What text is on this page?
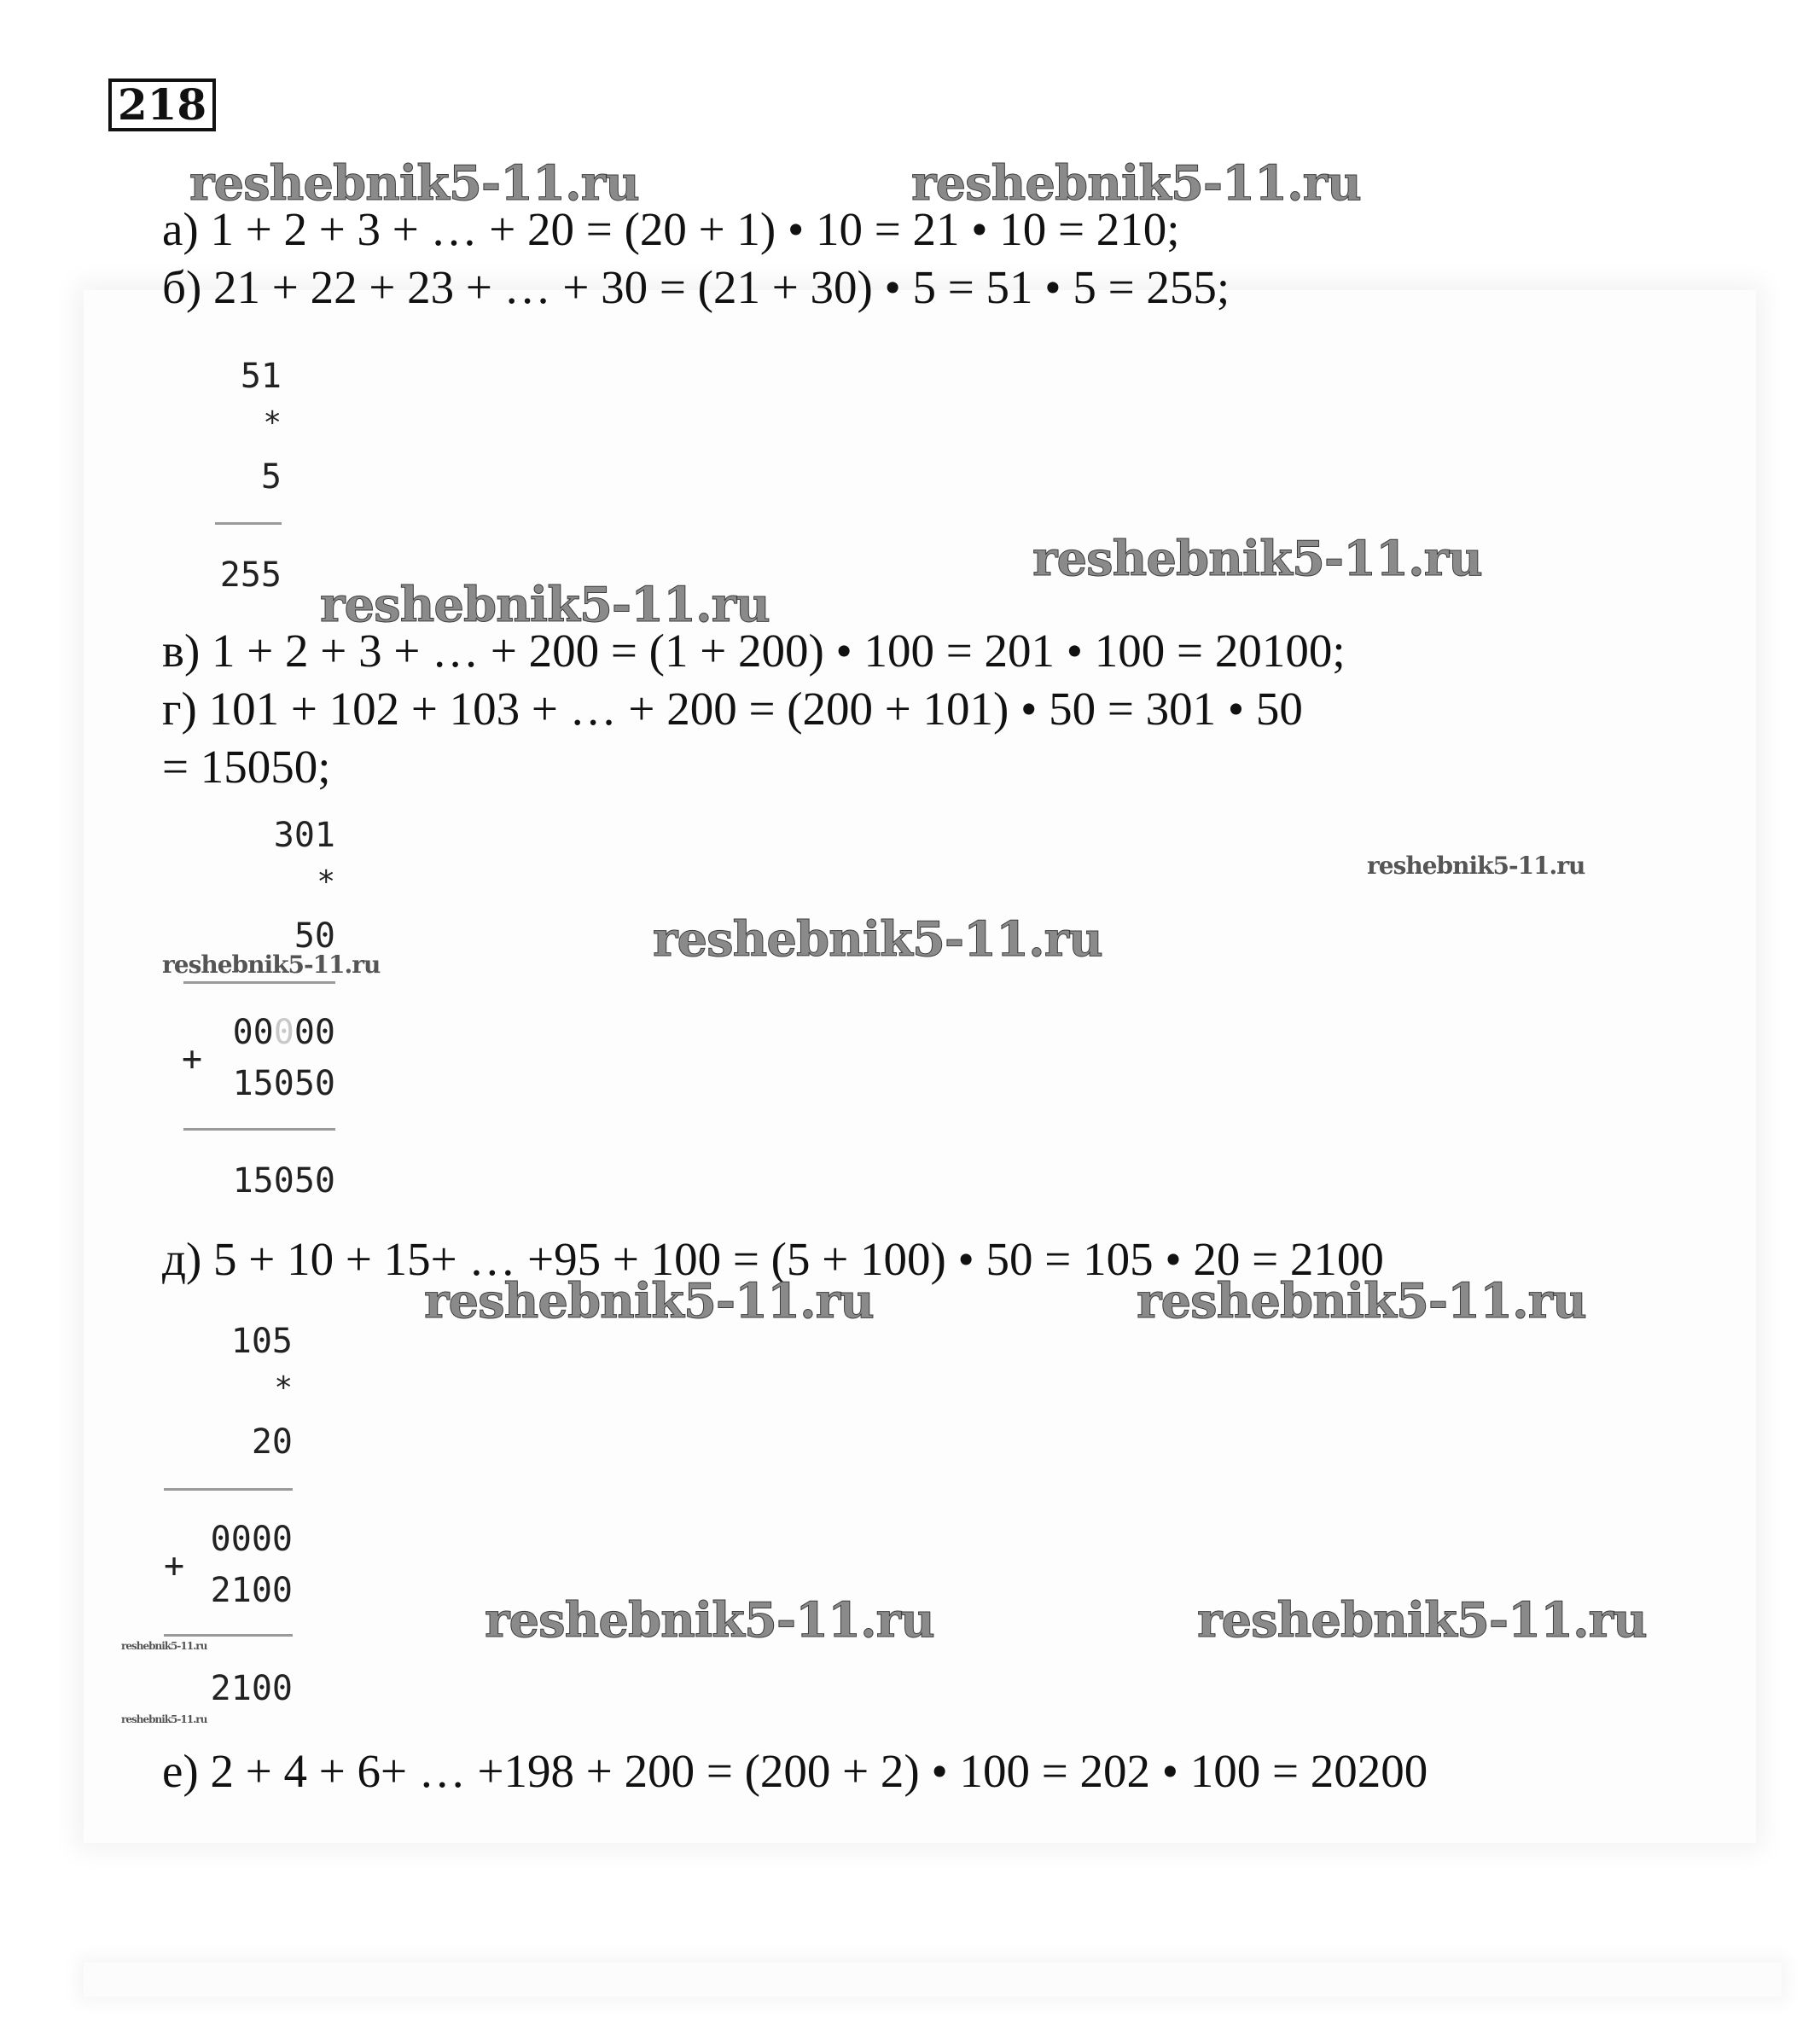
218
а) 1 + 2 + 3 + … + 20 = (20 + 1) • 10 = 21 • 10 = 210;
б) 21 + 22 + 23 + … + 30 = (21 + 30) • 5 = 51 • 5 = 255;
в) 1 + 2 + 3 + … + 200 = (1 + 200) • 100 = 201 • 100 = 20100;
г) 101 + 102 + 103 + … + 200 = (200 + 101) • 50 = 301 • 50
= 15050;
д) 5 + 10 + 15+ … +95 + 100 = (5 + 100) • 50 = 105 • 20 = 2100
е) 2 + 4 + 6+ … +198 + 200 = (200 + 2) • 100 = 202 • 100 = 20200
51
*
5
255
301
*
50
00000
+
15050
15050
105
*
20
0000
+
2100
2100
reshebnik5-11.ru	reshebnik5-11.ru
reshebnik5-11.ru
reshebnik5-11.ru
reshebnik5-11.ru
reshebnik5-11.ru
reshebnik5-11.ru
reshebnik5-11.ru	reshebnik5-11.ru
reshebnik5-11.ru	reshebnik5-11.ru
reshebnik5-11.ru
reshebnik5-11.ru
